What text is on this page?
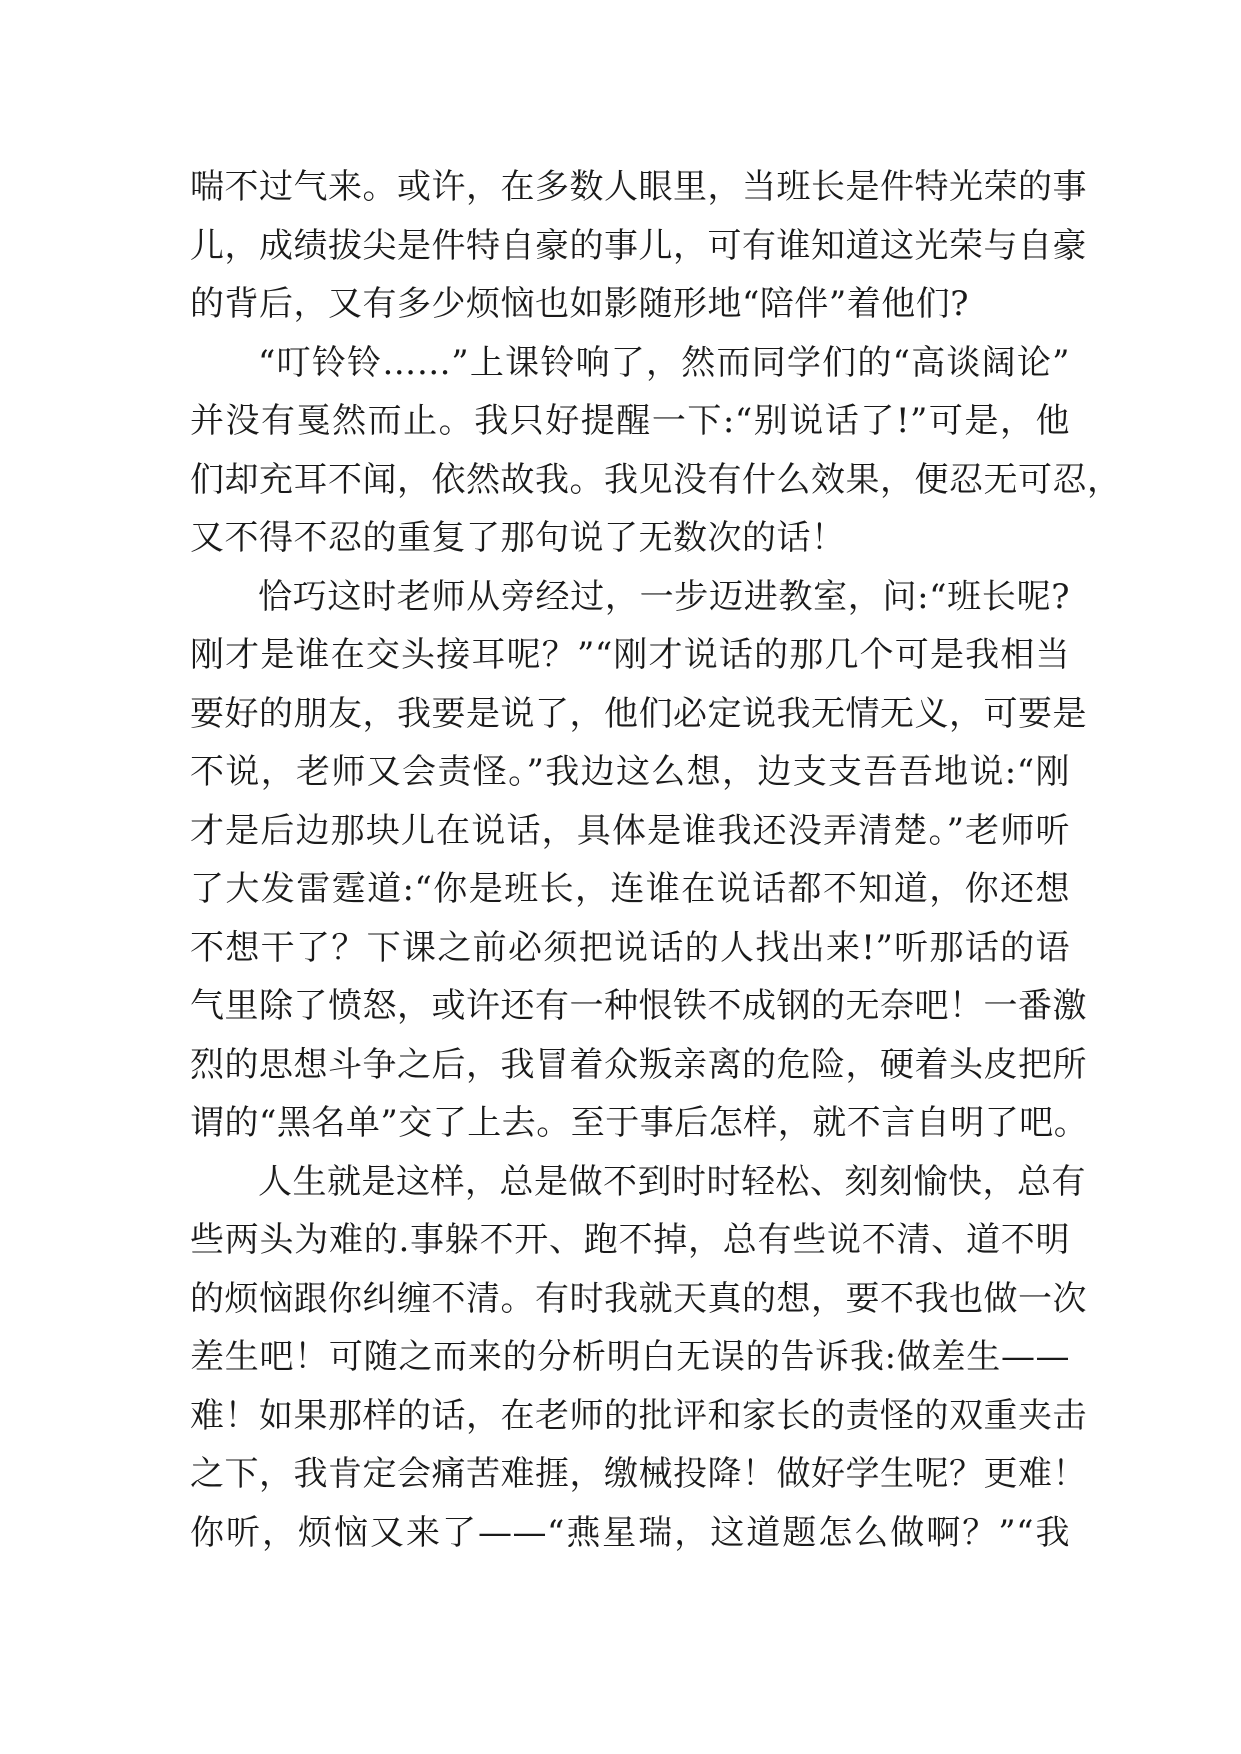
喘不过气来。或许，在多数人眼里，当班长是件特光荣的事
儿，成绩拔尖是件特自豪的事儿，可有谁知道这光荣与自豪
的背后，又有多少烦恼也如影随形地“陪伴”着他们?
“叮铃铃……”上课铃响了，然而同学们的“高谈阔论”
并没有戛然而止。我只好提醒一下:“别说话了!”可是，他
们却充耳不闻，依然故我。我见没有什么效果，便忍无可忍，
又不得不忍的重复了那句说了无数次的话！
恰巧这时老师从旁经过，一步迈进教室，问:“班长呢?
刚才是谁在交头接耳呢？”“刚才说话的那几个可是我相当
要好的朋友，我要是说了，他们必定说我无情无义，可要是
不说，老师又会责怪。”我边这么想，边支支吾吾地说:“刚
才是后边那块儿在说话，具体是谁我还没弄清楚。”老师听
了大发雷霆道:“你是班长，连谁在说话都不知道，你还想
不想干了？下课之前必须把说话的人找出来!”听那话的语
气里除了愤怒，或许还有一种恨铁不成钢的无奈吧！一番激
烈的思想斗争之后，我冒着众叛亲离的危险，硬着头皮把所
谓的“黑名单”交了上去。至于事后怎样，就不言自明了吧。
人生就是这样，总是做不到时时轻松、刻刻愉快，总有
些两头为难的.事躲不开、跑不掉，总有些说不清、道不明
的烦恼跟你纠缠不清。有时我就天真的想，要不我也做一次
差生吧！可随之而来的分析明白无误的告诉我:做差生——
难！如果那样的话，在老师的批评和家长的责怪的双重夹击
之下，我肯定会痛苦难捱，缴械投降！做好学生呢？更难！
你听，烦恼又来了——“燕星瑞，这道题怎么做啊？”“我
